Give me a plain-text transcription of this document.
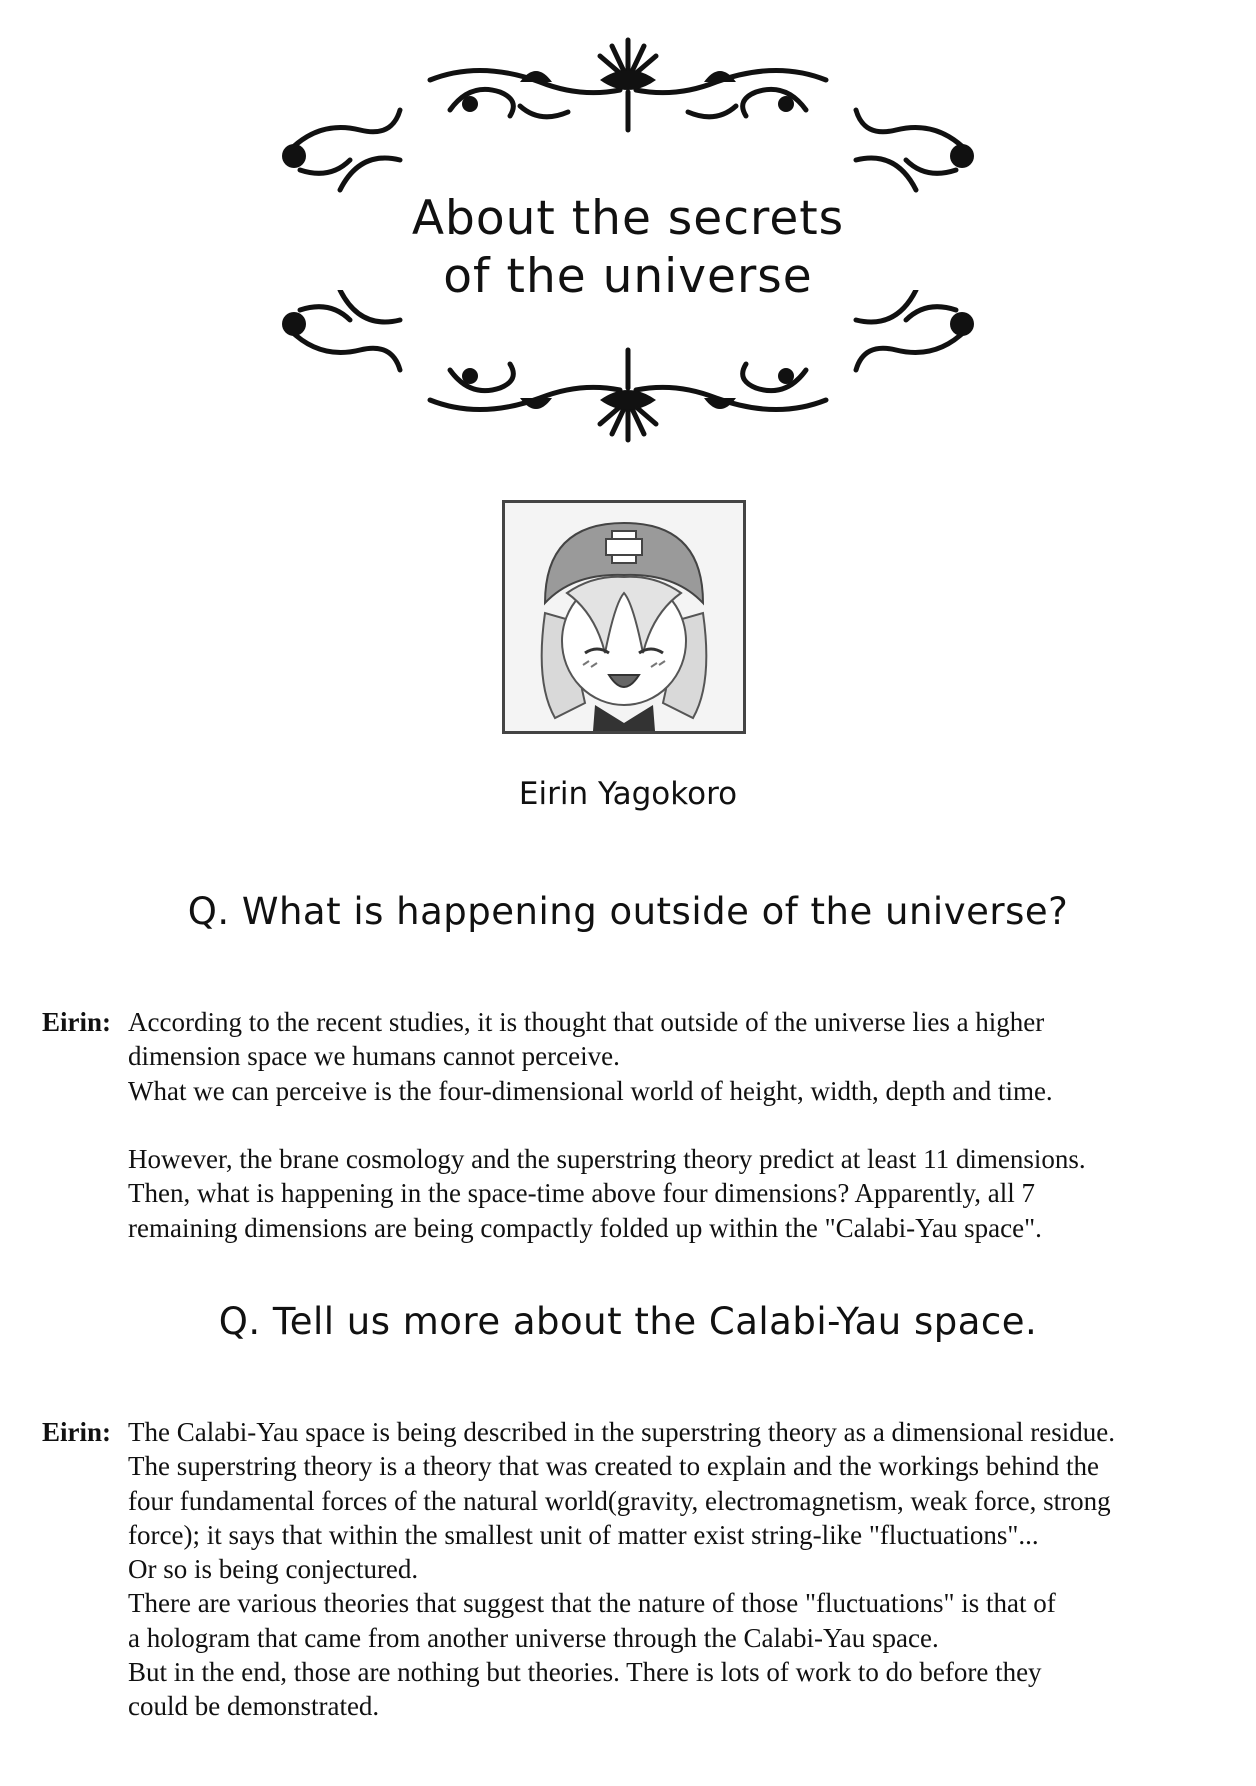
About the secrets
of the universe
Eirin Yagokoro
Q. What is happening outside of the universe?
Eirin: According to the recent studies, it is thought that outside of the universe lies a higher
dimension space we humans cannot perceive.
What we can perceive is the four-dimensional world of height, width, depth and time.
However, the brane cosmology and the superstring theory predict at least 11 dimensions.
Then, what is happening in the space-time above four dimensions? Apparently, all 7
remaining dimensions are being compactly folded up within the "Calabi-Yau space".
Q. Tell us more about the Calabi-Yau space.
Eirin: The Calabi-Yau space is being described in the superstring theory as a dimensional residue.
The superstring theory is a theory that was created to explain and the workings behind the
four fundamental forces of the natural world(gravity, electromagnetism, weak force, strong
force); it says that within the smallest unit of matter exist string-like "fluctuations"...
Or so is being conjectured.
There are various theories that suggest that the nature of those "fluctuations" is that of
a hologram that came from another universe through the Calabi-Yau space.
But in the end, those are nothing but theories. There is lots of work to do before they
could be demonstrated.
